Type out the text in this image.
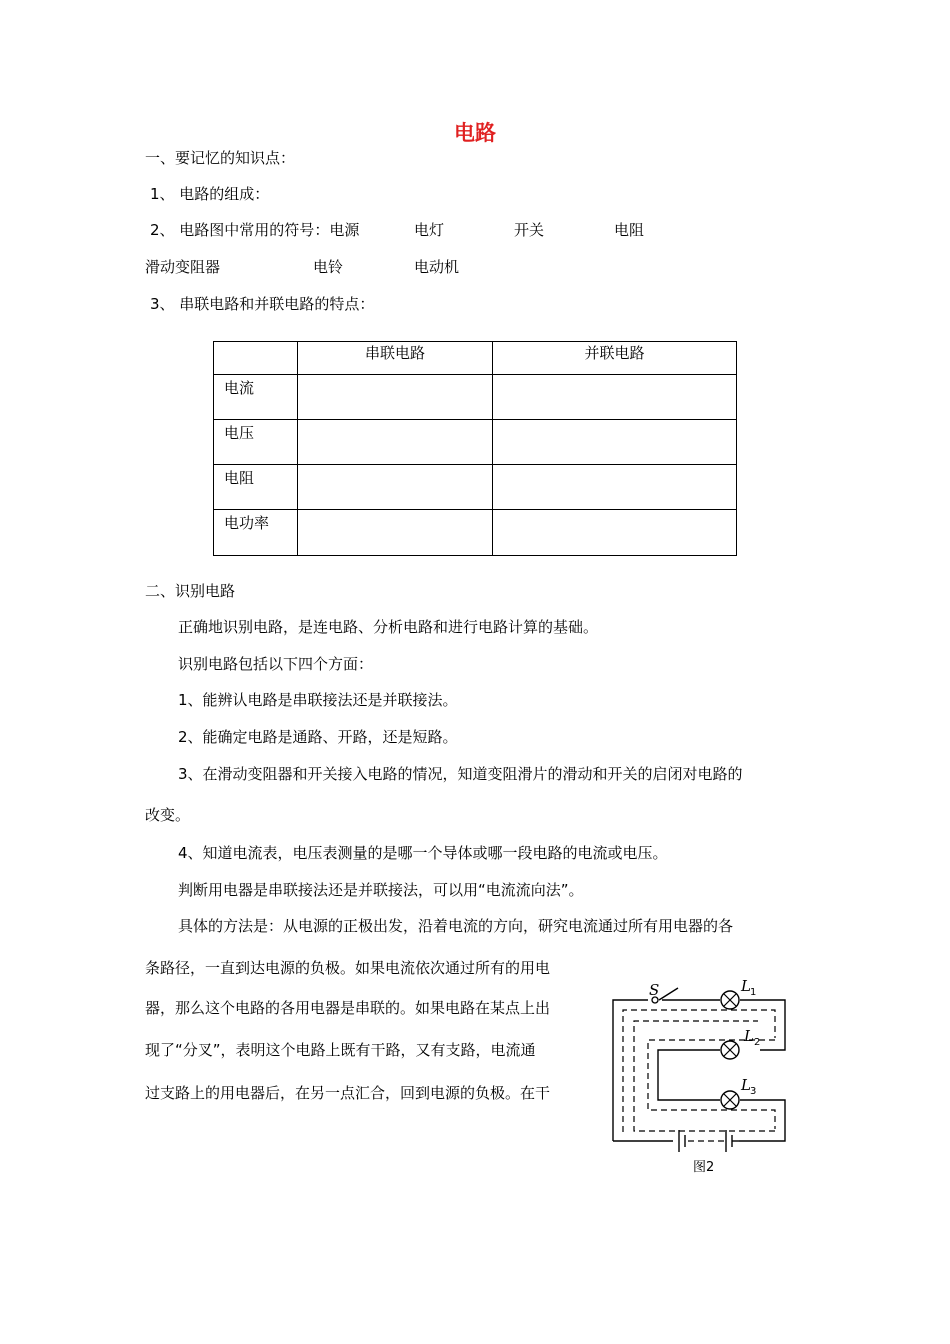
电路
一、要记忆的知识点：
1、 电路的组成：
2、 电路图中常用的符号：电源	电灯	开关	电阻
滑动变阻器	电铃	电动机
3、 串联电路和并联电路的特点：
	串联电路	并联电路
电流		
电压		
电阻		
电功率		
二、识别电路
正确地识别电路，是连电路、分析电路和进行电路计算的基础。
识别电路包括以下四个方面：
1、能辨认电路是串联接法还是并联接法。
2、能确定电路是通路、开路，还是短路。
3、在滑动变阻器和开关接入电路的情况，知道变阻滑片的滑动和开关的启闭对电路的
改变。
4、知道电流表，电压表测量的是哪一个导体或哪一段电路的电流或电压。
判断用电器是串联接法还是并联接法，可以用“电流流向法”。
具体的方法是：从电源的正极出发，沿着电流的方向，研究电流通过所有用电器的各
条路径，一直到达电源的负极。如果电流依次通过所有的用电
器，那么这个电路的各用电器是串联的。如果电路在某点上出
现了“分叉”，表明这个电路上既有干路，又有支路，电流通
过支路上的用电器后，在另一点汇合，回到电源的负极。在干
S	L
L
L
1
2
3
图2
